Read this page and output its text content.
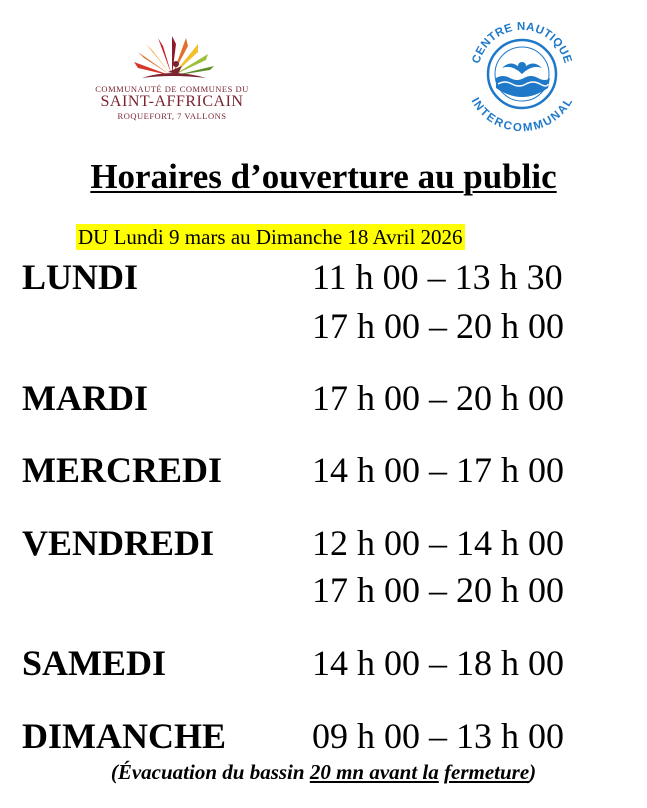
COMMUNAUTÉ DE COMMUNES DU
SAINT-AFFRICAIN
ROQUEFORT, 7 VALLONS
CENTRE NAUTIQUE
INTERCOMMUNAL
Horaires d’ouverture au public
DU Lundi 9 mars au Dimanche 18 Avril 2026
LUNDI	11 h 00 – 13 h 30
17 h 00 – 20 h 00
MARDI	17 h 00 – 20 h 00
MERCREDI 14 h 00 – 17 h 00
VENDREDI	12 h 00 – 14 h 00
17 h 00 – 20 h 00
SAMEDI	14 h 00 – 18 h 00
DIMANCHE 09 h 00 – 13 h 00
(Évacuation du bassin 20 mn avant la fermeture)
